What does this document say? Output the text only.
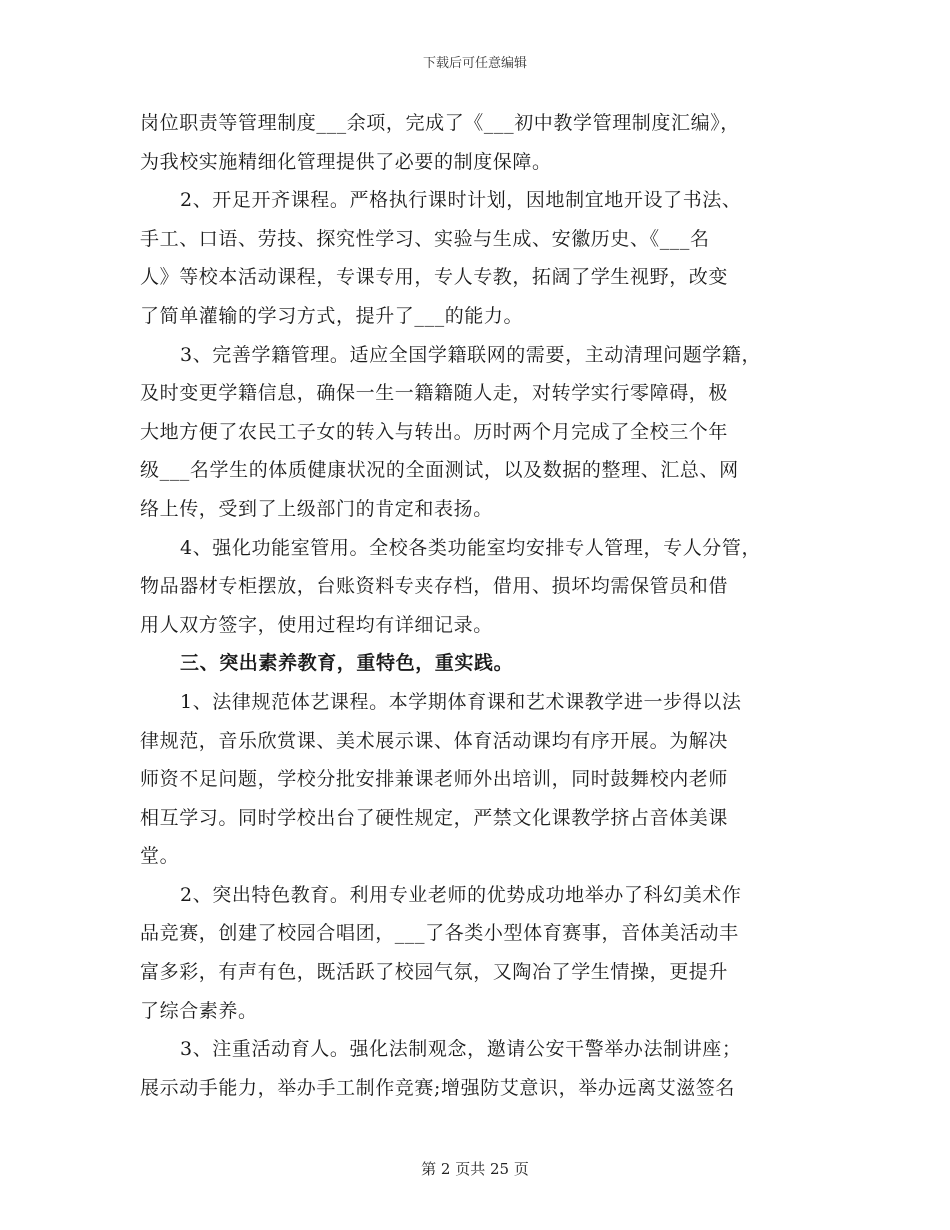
下载后可任意编辑
岗位职责等管理制度___余项，完成了《___初中教学管理制度汇编》，
为我校实施精细化管理提供了必要的制度保障。
2、开足开齐课程。严格执行课时计划，因地制宜地开设了书法、
手工、口语、劳技、探究性学习、实验与生成、安徽历史、《___名
人》等校本活动课程，专课专用，专人专教，拓阔了学生视野，改变
了简单灌输的学习方式，提升了___的能力。
3、完善学籍管理。适应全国学籍联网的需要，主动清理问题学籍，
及时变更学籍信息，确保一生一籍籍随人走，对转学实行零障碍，极
大地方便了农民工子女的转入与转出。历时两个月完成了全校三个年
级___名学生的体质健康状况的全面测试，以及数据的整理、汇总、网
络上传，受到了上级部门的肯定和表扬。
4、强化功能室管用。全校各类功能室均安排专人管理，专人分管，
物品器材专柜摆放，台账资料专夹存档，借用、损坏均需保管员和借
用人双方签字，使用过程均有详细记录。
三、突出素养教育，重特色，重实践。
1、法律规范体艺课程。本学期体育课和艺术课教学进一步得以法
律规范，音乐欣赏课、美术展示课、体育活动课均有序开展。为解决
师资不足问题，学校分批安排兼课老师外出培训，同时鼓舞校内老师
相互学习。同时学校出台了硬性规定，严禁文化课教学挤占音体美课
堂。
2、突出特色教育。利用专业老师的优势成功地举办了科幻美术作
品竞赛，创建了校园合唱团，___了各类小型体育赛事，音体美活动丰
富多彩，有声有色，既活跃了校园气氛，又陶冶了学生情操，更提升
了综合素养。
3、注重活动育人。强化法制观念，邀请公安干警举办法制讲座；
展示动手能力，举办手工制作竞赛;增强防艾意识，举办远离艾滋签名
第 2 页共 25 页
